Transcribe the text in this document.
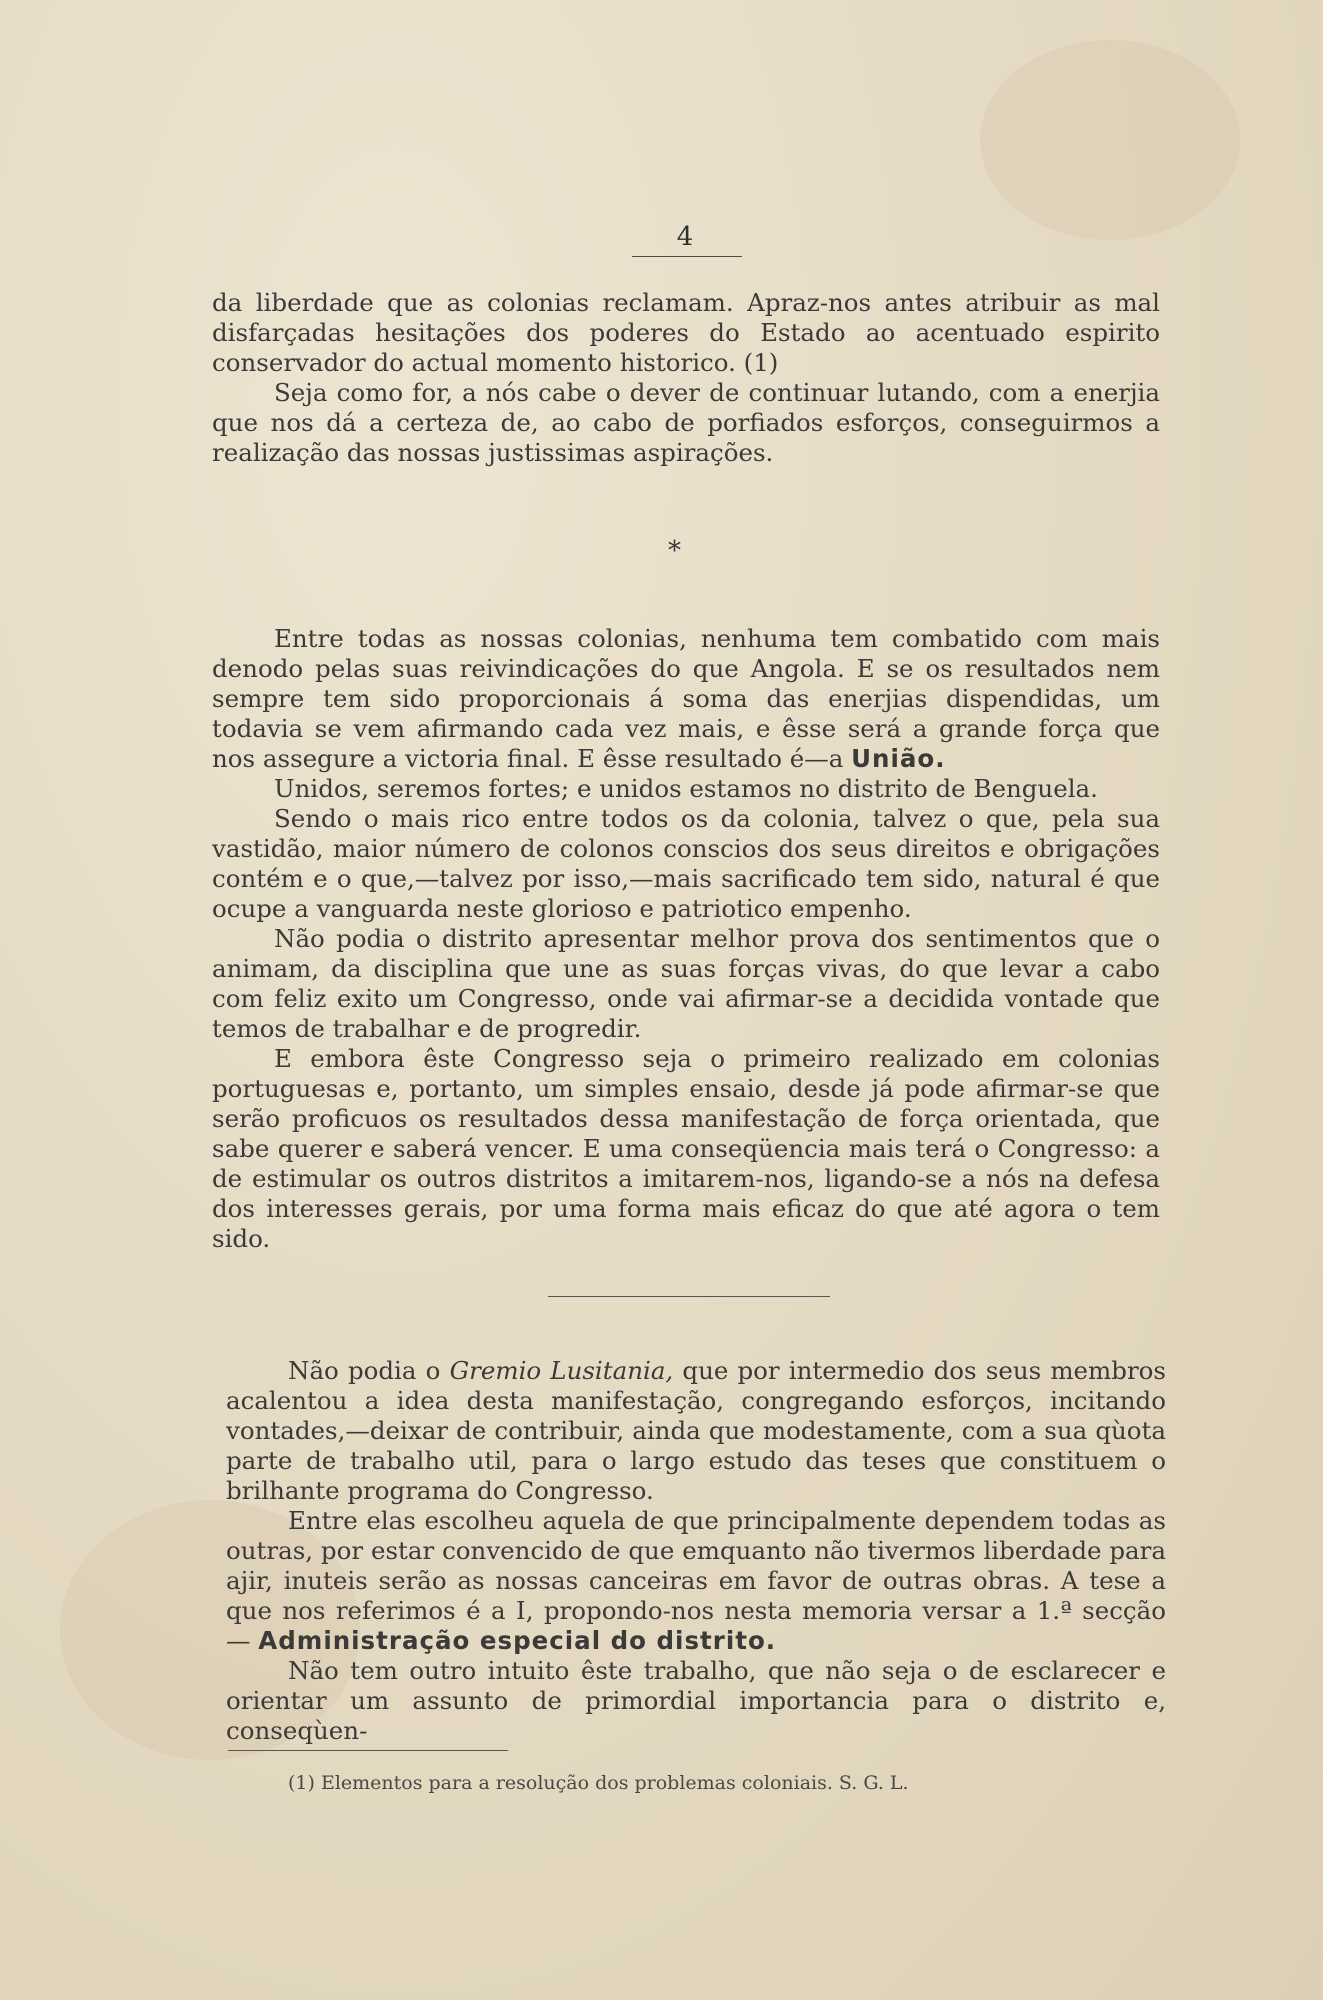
4

da liberdade que as colonias reclamam. Apraz-nos antes atribuir as mal disfarçadas hesitações dos poderes do Estado ao acentuado espirito conservador do actual momento historico. (1)

Seja como for, a nós cabe o dever de continuar lutando, com a enerjia que nos dá a certeza de, ao cabo de porfiados esforços, conseguirmos a realização das nossas justissimas aspirações.

*

Entre todas as nossas colonias, nenhuma tem combatido com mais denodo pelas suas reivindicações do que Angola. E se os resultados nem sempre tem sido proporcionais á soma das enerjias dispendidas, um todavia se vem afirmando cada vez mais, e êsse será a grande força que nos assegure a victoria final. E êsse resultado é—a União.

Unidos, seremos fortes; e unidos estamos no distrito de Benguela.

Sendo o mais rico entre todos os da colonia, talvez o que, pela sua vastidão, maior número de colonos conscios dos seus direitos e obrigações contém e o que,—talvez por isso,—mais sacrificado tem sido, natural é que ocupe a vanguarda neste glorioso e patriotico empenho.

Não podia o distrito apresentar melhor prova dos sentimentos que o animam, da disciplina que une as suas forças vivas, do que levar a cabo com feliz exito um Congresso, onde vai afirmar-se a decidida vontade que temos de trabalhar e de progredir.

E embora êste Congresso seja o primeiro realizado em colonias portuguesas e, portanto, um simples ensaio, desde já pode afirmar-se que serão proficuos os resultados dessa manifestação de força orientada, que sabe querer e saberá vencer. E uma conseqüencia mais terá o Congresso: a de estimular os outros distritos a imitarem-nos, ligando-se a nós na defesa dos interesses gerais, por uma forma mais eficaz do que até agora o tem sido.

Não podia o Gremio Lusitania, que por intermedio dos seus membros acalentou a idea desta manifestação, congregando esforços, incitando vontades,—deixar de contribuir, ainda que modestamente, com a sua qùota parte de trabalho util, para o largo estudo das teses que constituem o brilhante programa do Congresso.

Entre elas escolheu aquela de que principalmente dependem todas as outras, por estar convencido de que emquanto não tivermos liberdade para ajir, inuteis serão as nossas canceiras em favor de outras obras. A tese a que nos referimos é a I, propondo-nos nesta memoria versar a 1.ª secção — Administração especial do distrito.

Não tem outro intuito êste trabalho, que não seja o de esclarecer e orientar um assunto de primordial importancia para o distrito e, conseqùen-

(1) Elementos para a resolução dos problemas coloniais. S. G. L.
